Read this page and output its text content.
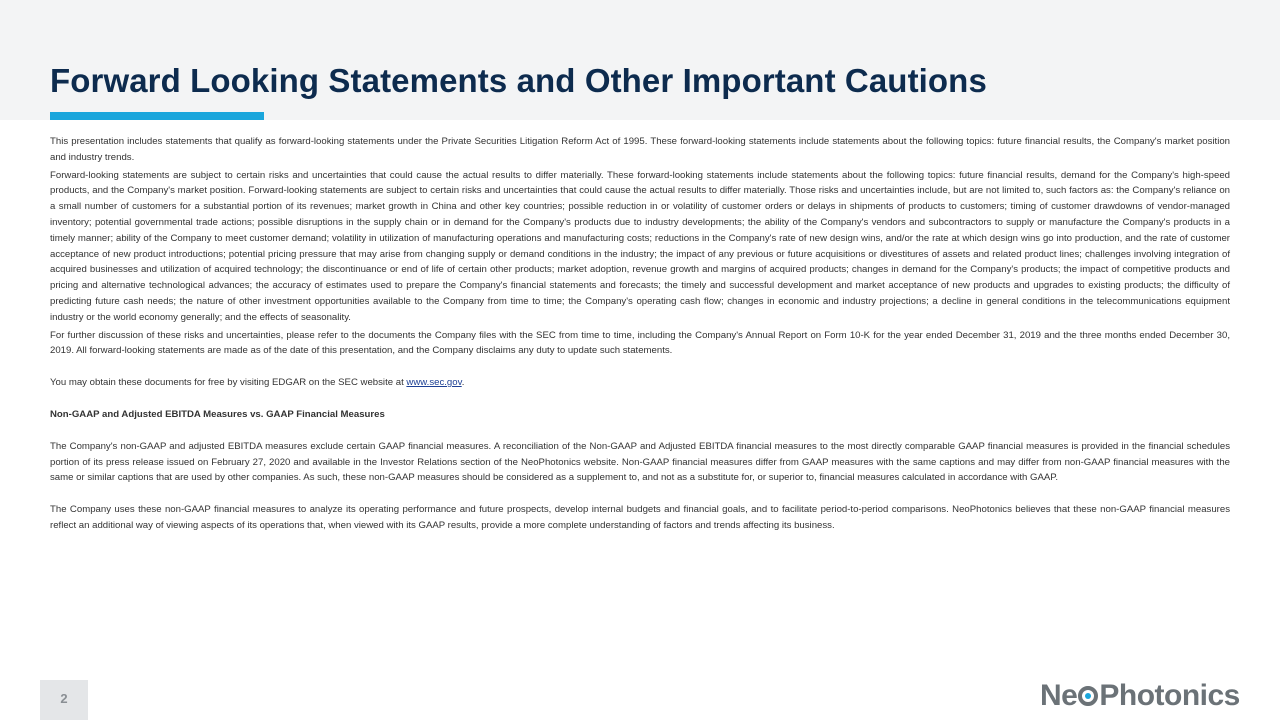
Forward Looking Statements and Other Important Cautions

This presentation includes statements that qualify as forward-looking statements under the Private Securities Litigation Reform Act of 1995. These forward-looking statements include statements about the following topics: future financial results, the Company's market position and industry trends.

Forward-looking statements are subject to certain risks and uncertainties that could cause the actual results to differ materially. These forward-looking statements include statements about the following topics: future financial results, demand for the Company's high-speed products, and the Company's market position. Forward-looking statements are subject to certain risks and uncertainties that could cause the actual results to differ materially. Those risks and uncertainties include, but are not limited to, such factors as: the Company's reliance on a small number of customers for a substantial portion of its revenues; market growth in China and other key countries; possible reduction in or volatility of customer orders or delays in shipments of products to customers; timing of customer drawdowns of vendor-managed inventory; potential governmental trade actions; possible disruptions in the supply chain or in demand for the Company's products due to industry developments; the ability of the Company's vendors and subcontractors to supply or manufacture the Company's products in a timely manner; ability of the Company to meet customer demand; volatility in utilization of manufacturing operations and manufacturing costs; reductions in the Company's rate of new design wins, and/or the rate at which design wins go into production, and the rate of customer acceptance of new product introductions; potential pricing pressure that may arise from changing supply or demand conditions in the industry; the impact of any previous or future acquisitions or divestitures of assets and related product lines; challenges involving integration of acquired businesses and utilization of acquired technology; the discontinuance or end of life of certain other products; market adoption, revenue growth and margins of acquired products; changes in demand for the Company's products; the impact of competitive products and pricing and alternative technological advances; the accuracy of estimates used to prepare the Company's financial statements and forecasts; the timely and successful development and market acceptance of new products and upgrades to existing products; the difficulty of predicting future cash needs; the nature of other investment opportunities available to the Company from time to time; the Company's operating cash flow; changes in economic and industry projections; a decline in general conditions in the telecommunications equipment industry or the world economy generally; and the effects of seasonality.

For further discussion of these risks and uncertainties, please refer to the documents the Company files with the SEC from time to time, including the Company's Annual Report on Form 10-K for the year ended December 31, 2019 and the three months ended December 30, 2019. All forward-looking statements are made as of the date of this presentation, and the Company disclaims any duty to update such statements.

You may obtain these documents for free by visiting EDGAR on the SEC website at www.sec.gov.

Non-GAAP and Adjusted EBITDA Measures vs. GAAP Financial Measures

The Company's non-GAAP and adjusted EBITDA measures exclude certain GAAP financial measures. A reconciliation of the Non-GAAP and Adjusted EBITDA financial measures to the most directly comparable GAAP financial measures is provided in the financial schedules portion of its press release issued on February 27, 2020 and available in the Investor Relations section of the NeoPhotonics website. Non-GAAP financial measures differ from GAAP measures with the same captions and may differ from non-GAAP financial measures with the same or similar captions that are used by other companies. As such, these non-GAAP measures should be considered as a supplement to, and not as a substitute for, or superior to, financial measures calculated in accordance with GAAP.

The Company uses these non-GAAP financial measures to analyze its operating performance and future prospects, develop internal budgets and financial goals, and to facilitate period-to-period comparisons. NeoPhotonics believes that these non-GAAP financial measures reflect an additional way of viewing aspects of its operations that, when viewed with its GAAP results, provide a more complete understanding of factors and trends affecting its business.

2	Ne Photonics
